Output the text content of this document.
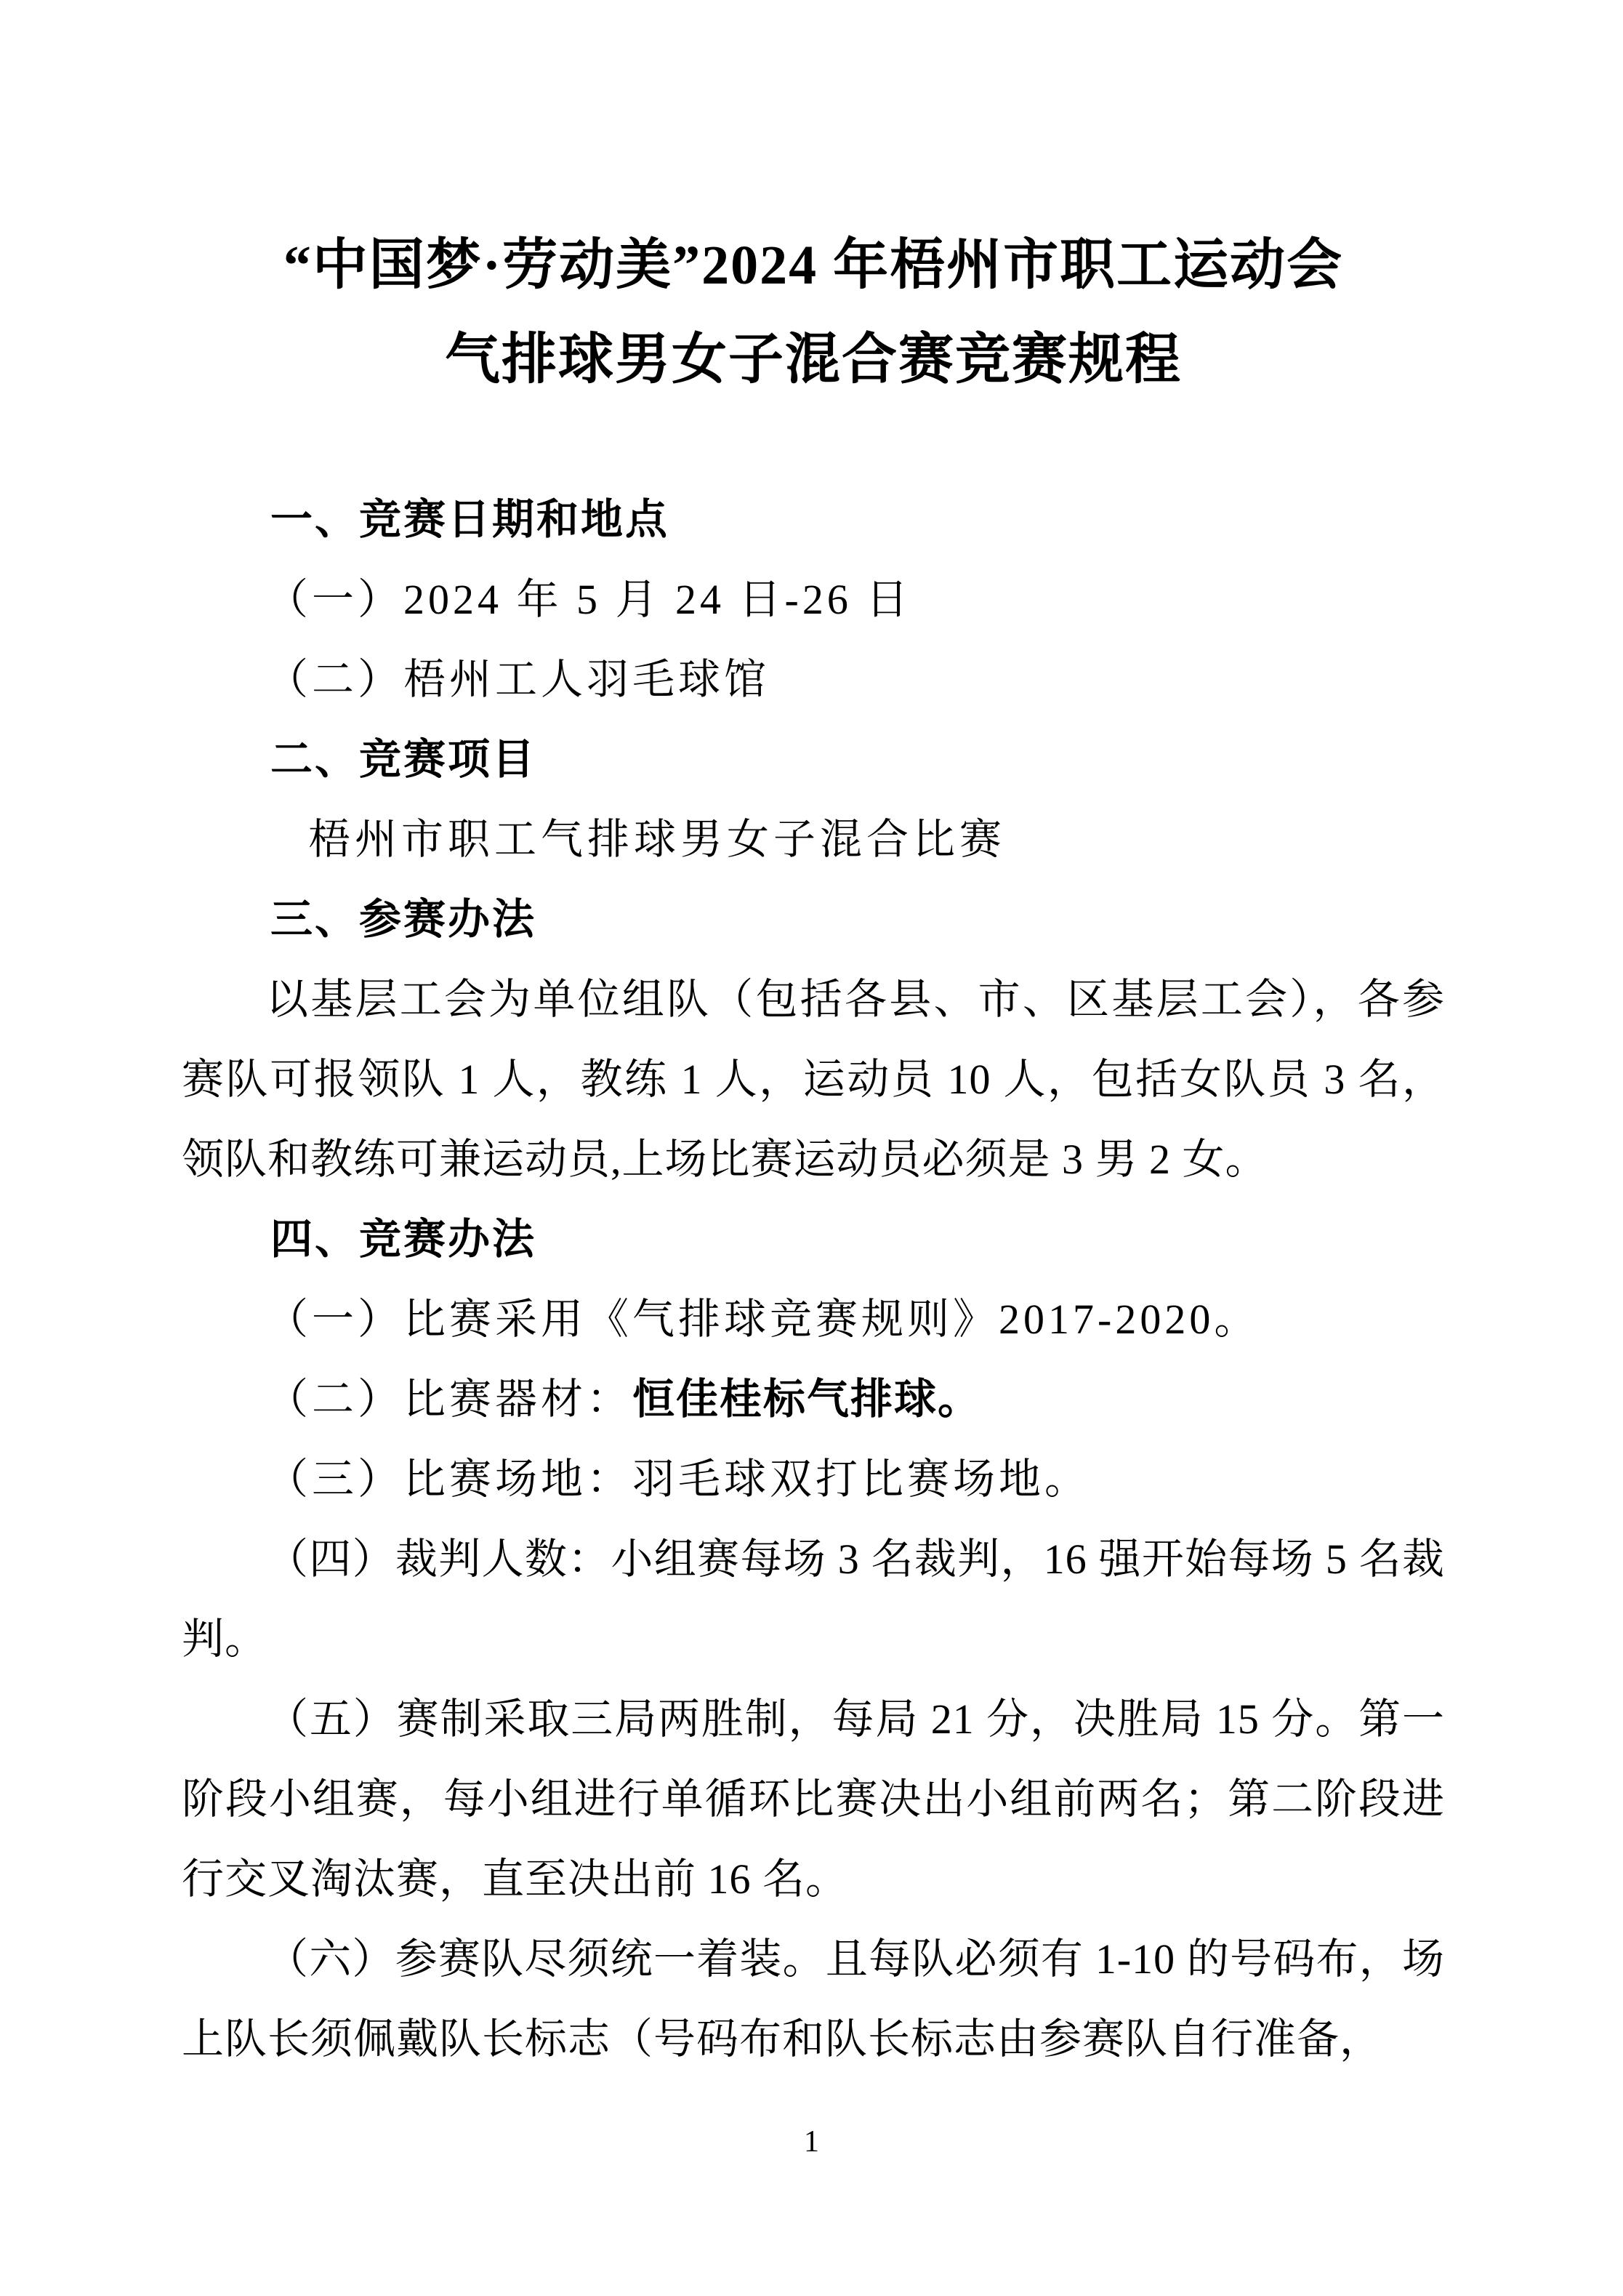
“中国梦·劳动美”2024 年梧州市职工运动会

气排球男女子混合赛竞赛规程

一、竞赛日期和地点

（一）2024 年 5 月 24 日-26 日

（二）梧州工人羽毛球馆

二、竞赛项目

梧州市职工气排球男女子混合比赛

三、参赛办法

以基层工会为单位组队（包括各县、市、区基层工会），各参赛队可报领队 1 人，教练 1 人，运动员 10 人，包括女队员 3 名，领队和教练可兼运动员,上场比赛运动员必须是 3 男 2 女。

四、竞赛办法

（一）比赛采用《气排球竞赛规则》2017-2020。

（二）比赛器材：恒佳桂标气排球。

（三）比赛场地：羽毛球双打比赛场地。

（四）裁判人数：小组赛每场 3 名裁判，16 强开始每场 5 名裁判。

（五）赛制采取三局两胜制，每局 21 分，决胜局 15 分。第一阶段小组赛，每小组进行单循环比赛决出小组前两名；第二阶段进行交叉淘汰赛，直至决出前 16 名。

（六）参赛队尽须统一着装。且每队必须有 1-10 的号码布，场上队长须佩戴队长标志（号码布和队长标志由参赛队自行准备，

1
